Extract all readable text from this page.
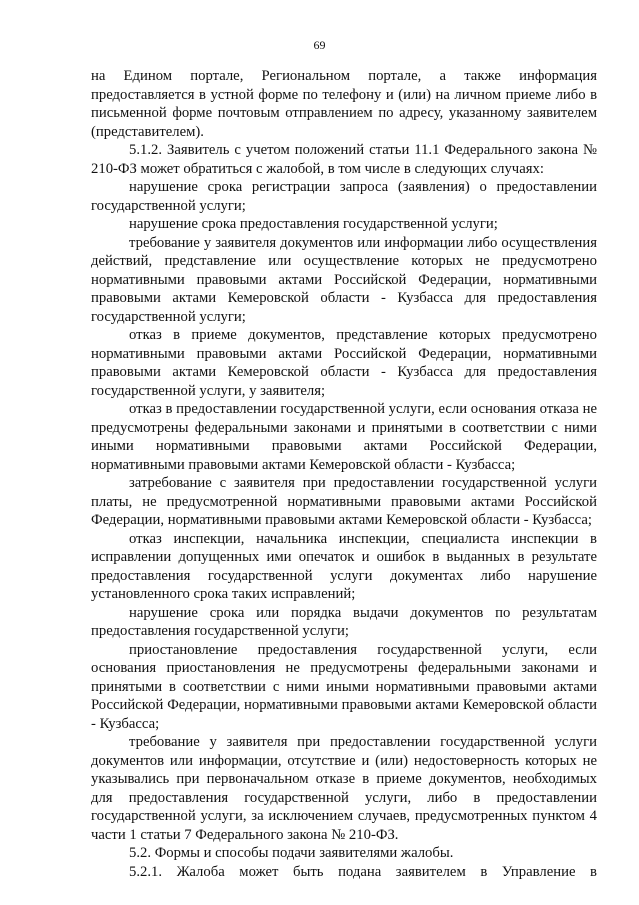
69

на Едином портале, Региональном портале, а также информация предоставляется в устной форме по телефону и (или) на личном приеме либо в письменной форме почтовым отправлением по адресу, указанному заявителем (представителем).

5.1.2. Заявитель с учетом положений статьи 11.1 Федерального закона № 210-ФЗ может обратиться с жалобой, в том числе в следующих случаях:

нарушение срока регистрации запроса (заявления) о предоставлении государственной услуги;

нарушение срока предоставления государственной услуги;

требование у заявителя документов или информации либо осуществления действий, представление или осуществление которых не предусмотрено нормативными правовыми актами Российской Федерации, нормативными правовыми актами Кемеровской области - Кузбасса для предоставления государственной услуги;

отказ в приеме документов, представление которых предусмотрено нормативными правовыми актами Российской Федерации, нормативными правовыми актами Кемеровской области - Кузбасса для предоставления государственной услуги, у заявителя;

отказ в предоставлении государственной услуги, если основания отказа не предусмотрены федеральными законами и принятыми в соответствии с ними иными нормативными правовыми актами Российской Федерации, нормативными правовыми актами Кемеровской области - Кузбасса;

затребование с заявителя при предоставлении государственной услуги платы, не предусмотренной нормативными правовыми актами Российской Федерации, нормативными правовыми актами Кемеровской области - Кузбасса;

отказ инспекции, начальника инспекции, специалиста инспекции в исправлении допущенных ими опечаток и ошибок в выданных в результате предоставления государственной услуги документах либо нарушение установленного срока таких исправлений;

нарушение срока или порядка выдачи документов по результатам предоставления государственной услуги;

приостановление предоставления государственной услуги, если основания приостановления не предусмотрены федеральными законами и принятыми в соответствии с ними иными нормативными правовыми актами Российской Федерации, нормативными правовыми актами Кемеровской области - Кузбасса;

требование у заявителя при предоставлении государственной услуги документов или информации, отсутствие и (или) недостоверность которых не указывались при первоначальном отказе в приеме документов, необходимых для предоставления государственной услуги, либо в предоставлении государственной услуги, за исключением случаев, предусмотренных пунктом 4 части 1 статьи 7 Федерального закона № 210-ФЗ.

5.2. Формы и способы подачи заявителями жалобы.

5.2.1. Жалоба может быть подана заявителем в Управление в
